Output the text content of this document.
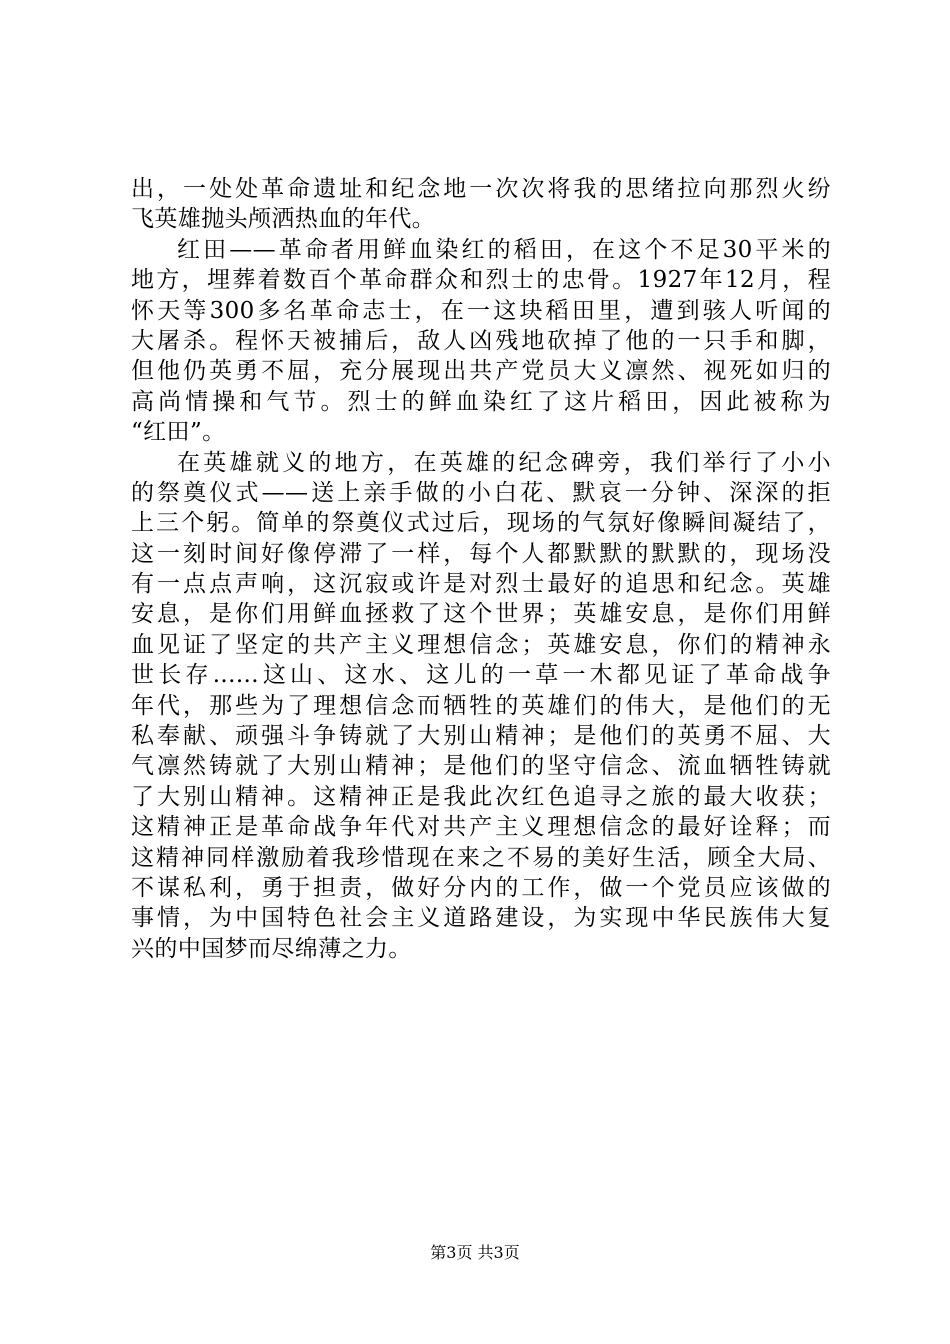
出，一处处革命遗址和纪念地一次次将我的思绪拉向那烈火纷
飞英雄抛头颅洒热血的年代。
红田——革命者用鲜血染红的稻田，在这个不足30平米的
地方，埋葬着数百个革命群众和烈士的忠骨。1927年12月，程
怀天等300多名革命志士，在一这块稻田里，遭到骇人听闻的
大屠杀。程怀天被捕后，敌人凶残地砍掉了他的一只手和脚，
但他仍英勇不屈，充分展现出共产党员大义凛然、视死如归的
高尚情操和气节。烈士的鲜血染红了这片稻田，因此被称为
“红田”。
在英雄就义的地方，在英雄的纪念碑旁，我们举行了小小
的祭奠仪式——送上亲手做的小白花、默哀一分钟、深深的拒
上三个躬。简单的祭奠仪式过后，现场的气氛好像瞬间凝结了，
这一刻时间好像停滞了一样，每个人都默默的默默的，现场没
有一点点声响，这沉寂或许是对烈士最好的追思和纪念。英雄
安息，是你们用鲜血拯救了这个世界；英雄安息，是你们用鲜
血见证了坚定的共产主义理想信念；英雄安息，你们的精神永
世长存......这山、这水、这儿的一草一木都见证了革命战争
年代，那些为了理想信念而牺牲的英雄们的伟大，是他们的无
私奉献、顽强斗争铸就了大别山精神；是他们的英勇不屈、大
气凛然铸就了大别山精神；是他们的坚守信念、流血牺牲铸就
了大别山精神。这精神正是我此次红色追寻之旅的最大收获；
这精神正是革命战争年代对共产主义理想信念的最好诠释；而
这精神同样激励着我珍惜现在来之不易的美好生活，顾全大局、
不谋私利，勇于担责，做好分内的工作，做一个党员应该做的
事情，为中国特色社会主义道路建设，为实现中华民族伟大复
兴的中国梦而尽绵薄之力。
第3页 共3页
